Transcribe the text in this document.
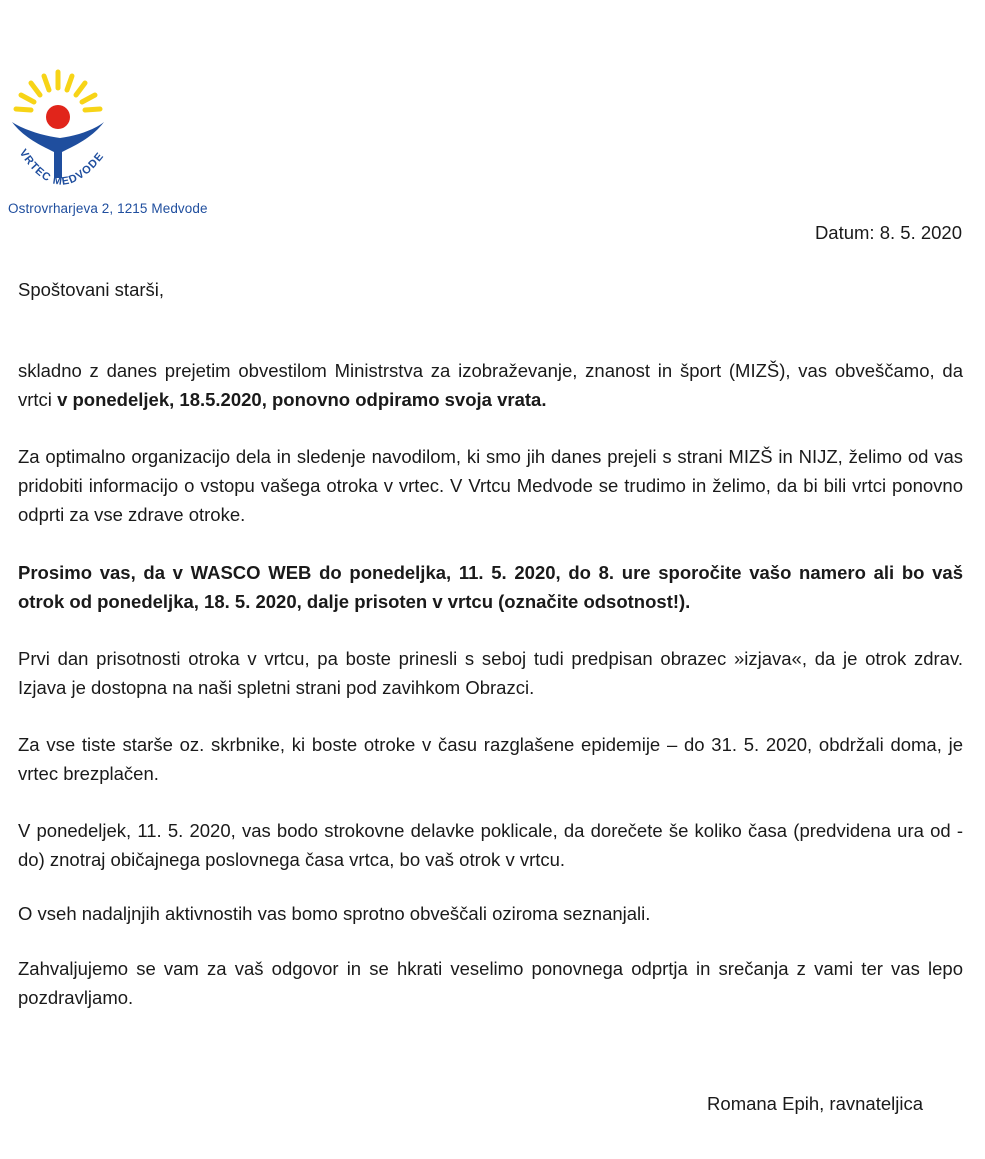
VRTEC MEDVODE
Ostrovrharjeva 2, 1215 Medvode
Datum: 8. 5. 2020
Spoštovani starši,
skladno z danes prejetim obvestilom Ministrstva za izobraževanje, znanost in šport (MIZŠ), vas obveščamo, da vrtci v ponedeljek, 18.5.2020, ponovno odpiramo svoja vrata.
Za optimalno organizacijo dela in sledenje navodilom, ki smo jih danes prejeli s strani MIZŠ in NIJZ, želimo od vas pridobiti informacijo o vstopu vašega otroka v vrtec. V Vrtcu Medvode se trudimo in želimo, da bi bili vrtci ponovno odprti za vse zdrave otroke.
Prosimo vas, da v WASCO WEB do ponedeljka, 11. 5. 2020, do 8. ure sporočite vašo namero ali bo vaš otrok od ponedeljka, 18. 5. 2020, dalje prisoten v vrtcu (označite odsotnost!).
Prvi dan prisotnosti otroka v vrtcu, pa boste prinesli s seboj tudi predpisan obrazec »izjava«, da je otrok zdrav. Izjava je dostopna na naši spletni strani pod zavihkom Obrazci.
Za vse tiste starše oz. skrbnike, ki boste otroke v času razglašene epidemije – do 31. 5. 2020, obdržali doma, je vrtec brezplačen.
V ponedeljek, 11. 5. 2020, vas bodo strokovne delavke poklicale, da dorečete še koliko časa (predvidena ura od - do) znotraj običajnega poslovnega časa vrtca, bo vaš otrok v vrtcu.
O vseh nadaljnjih aktivnostih vas bomo sprotno obveščali oziroma seznanjali.
Zahvaljujemo se vam za vaš odgovor in se hkrati veselimo ponovnega odprtja in srečanja z vami ter vas lepo pozdravljamo.
Romana Epih, ravnateljica
